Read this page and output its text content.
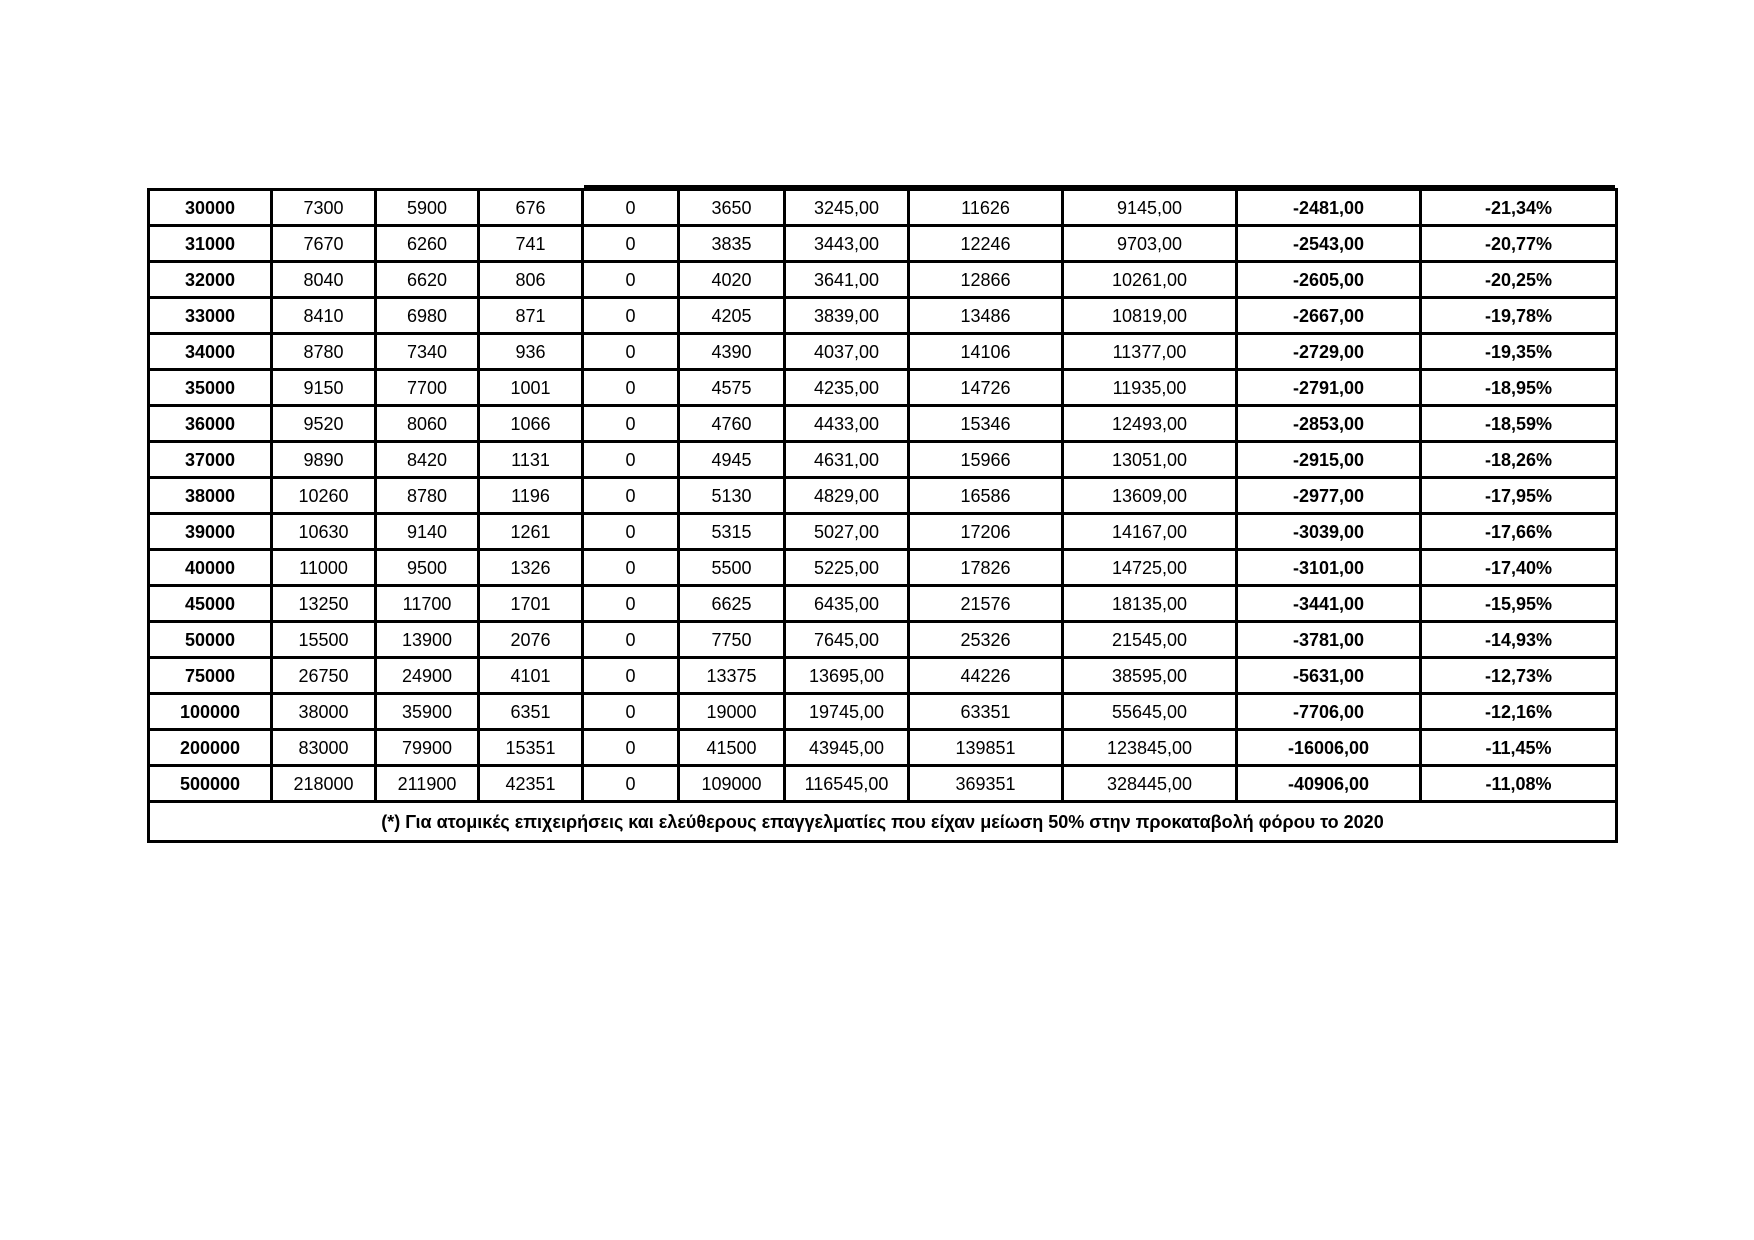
30000	7300	5900	676	0	3650	3245,00	11626	9145,00	-2481,00	-21,34%
31000	7670	6260	741	0	3835	3443,00	12246	9703,00	-2543,00	-20,77%
32000	8040	6620	806	0	4020	3641,00	12866	10261,00	-2605,00	-20,25%
33000	8410	6980	871	0	4205	3839,00	13486	10819,00	-2667,00	-19,78%
34000	8780	7340	936	0	4390	4037,00	14106	11377,00	-2729,00	-19,35%
35000	9150	7700	1001	0	4575	4235,00	14726	11935,00	-2791,00	-18,95%
36000	9520	8060	1066	0	4760	4433,00	15346	12493,00	-2853,00	-18,59%
37000	9890	8420	1131	0	4945	4631,00	15966	13051,00	-2915,00	-18,26%
38000	10260	8780	1196	0	5130	4829,00	16586	13609,00	-2977,00	-17,95%
39000	10630	9140	1261	0	5315	5027,00	17206	14167,00	-3039,00	-17,66%
40000	11000	9500	1326	0	5500	5225,00	17826	14725,00	-3101,00	-17,40%
45000	13250	11700	1701	0	6625	6435,00	21576	18135,00	-3441,00	-15,95%
50000	15500	13900	2076	0	7750	7645,00	25326	21545,00	-3781,00	-14,93%
75000	26750	24900	4101	0	13375	13695,00	44226	38595,00	-5631,00	-12,73%
100000	38000	35900	6351	0	19000	19745,00	63351	55645,00	-7706,00	-12,16%
200000	83000	79900	15351	0	41500	43945,00	139851	123845,00	-16006,00	-11,45%
500000	218000	211900	42351	0	109000	116545,00	369351	328445,00	-40906,00	-11,08%
(*) Για ατομικές επιχειρήσεις και ελεύθερους επαγγελματίες που είχαν μείωση 50% στην προκαταβολή φόρου το 2020										
